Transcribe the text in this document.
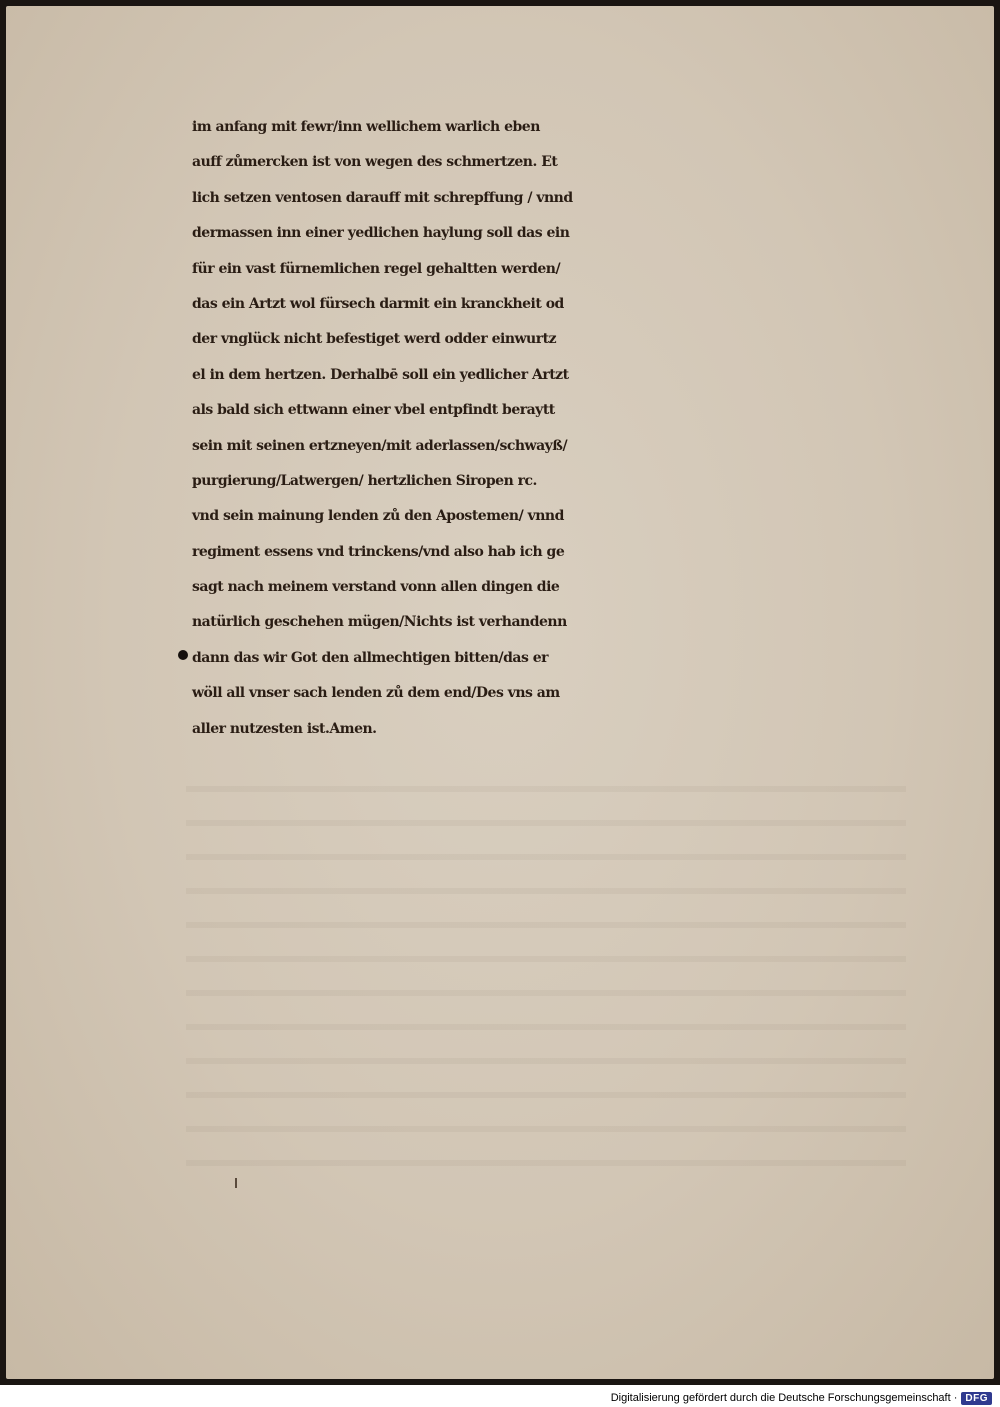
im anfang mit fewr/inn wellichem warlich eben
auff zůmercken ist von wegen des schmertzen. Et
lich setzen ventosen darauff mit schrepffung / vnnd
dermassen inn einer yedlichen haylung soll das ein
für ein vast fürnemlichen regel gehaltten werden/
das ein Artzt wol fürsech darmit ein kranckheit od
der vnglück nicht befestiget werd odder einwurtz
el in dem hertzen. Derhalbē soll ein yedlicher Artzt
als bald sich ettwann einer vbel entpfindt beraytt
sein mit seinen ertzneyen/mit aderlassen/schwayß/
purgierung/Latwergen/ hertzlichen Siropen rc.
vnd sein mainung lenden zů den Apostemen/ vnnd
regiment essens vnd trinckens/vnd also hab ich ge
sagt nach meinem verstand vonn allen dingen die
natürlich geschehen mügen/Nichts ist verhandenn
dann das wir Got den allmechtigen bitten/das er
wöll all vnser sach lenden zů dem end/Des vns am
aller nutzesten ist.Amen.
Digitalisierung gefördert durch die Deutsche Forschungsgemeinschaft · DFG
